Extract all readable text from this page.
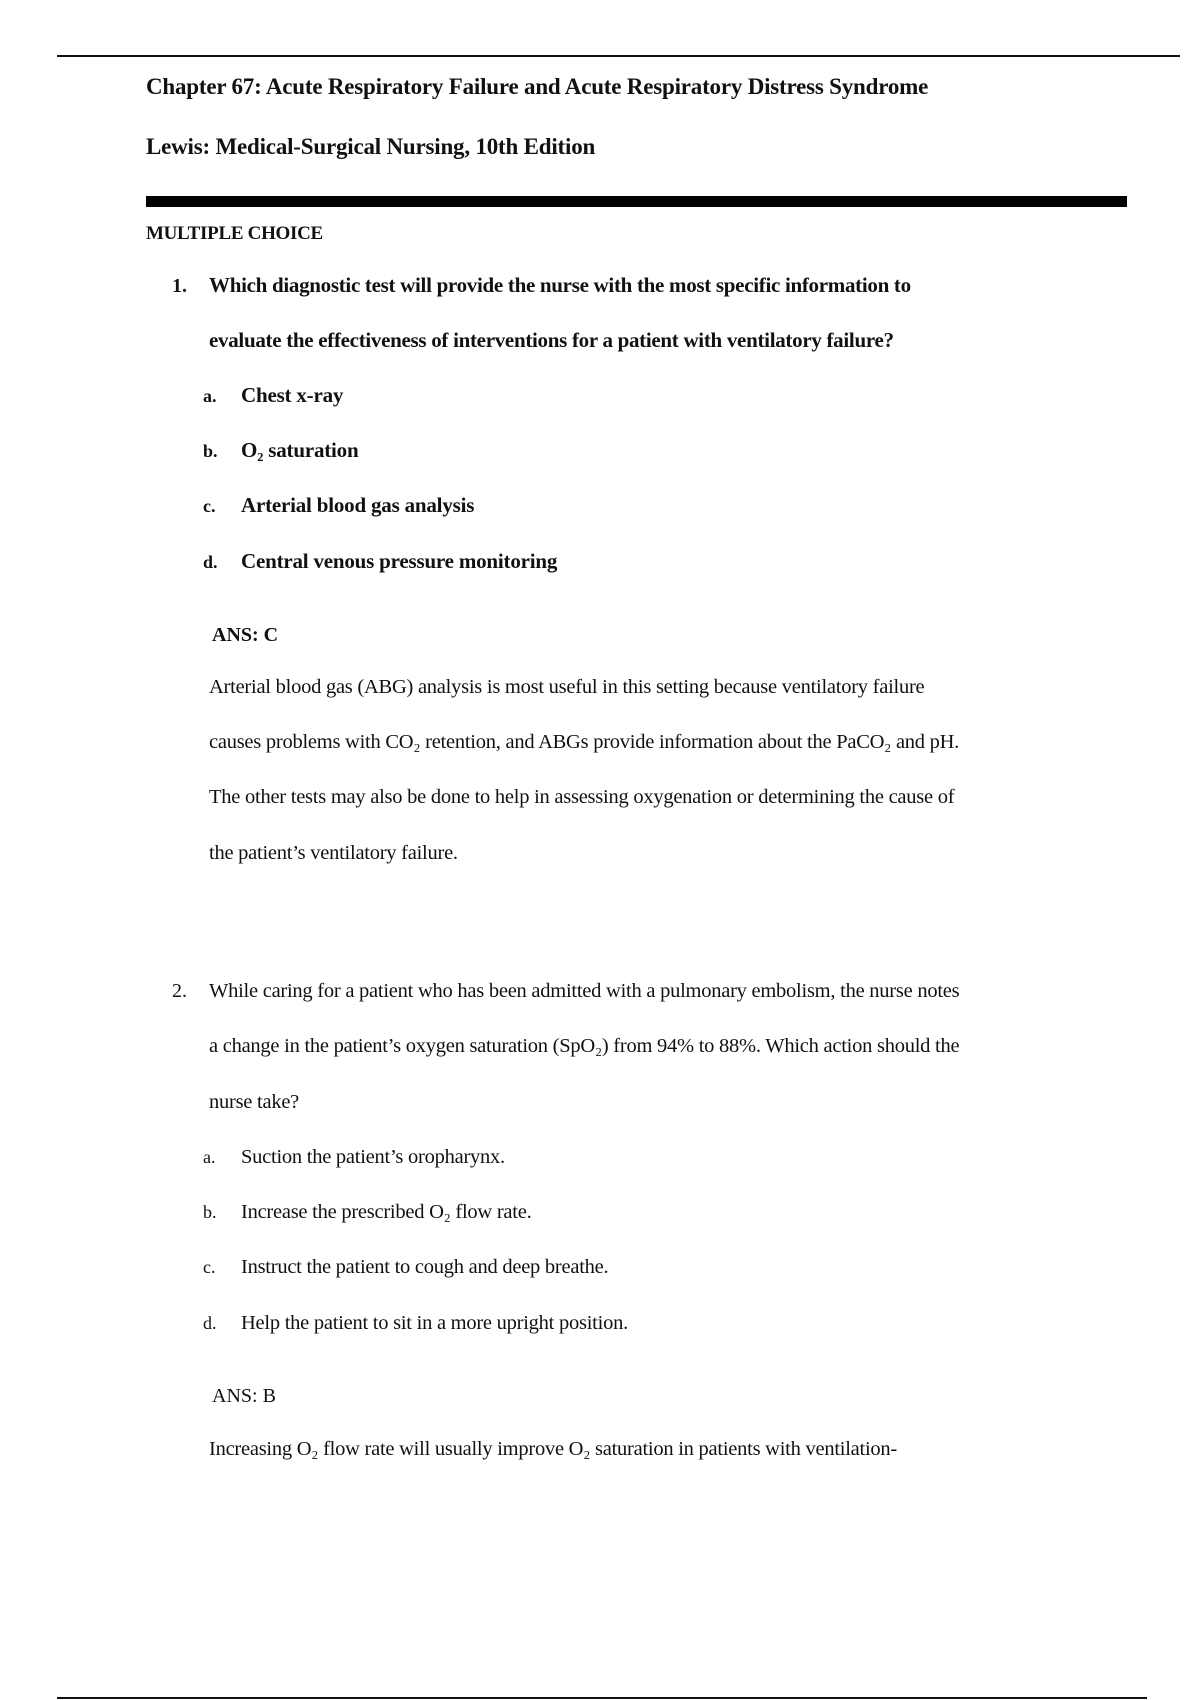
Chapter 67: Acute Respiratory Failure and Acute Respiratory Distress Syndrome
Lewis: Medical-Surgical Nursing, 10th Edition
MULTIPLE CHOICE
1. Which diagnostic test will provide the nurse with the most specific information to
evaluate the effectiveness of interventions for a patient with ventilatory failure?
a. Chest x-ray
b. O₂ saturation
c. Arterial blood gas analysis
d. Central venous pressure monitoring
ANS: C
Arterial blood gas (ABG) analysis is most useful in this setting because ventilatory failure
causes problems with CO₂ retention, and ABGs provide information about the PaCO₂ and pH.
The other tests may also be done to help in assessing oxygenation or determining the cause of
the patient’s ventilatory failure.
2. While caring for a patient who has been admitted with a pulmonary embolism, the nurse notes
a change in the patient’s oxygen saturation (SpO₂) from 94% to 88%. Which action should the
nurse take?
a. Suction the patient’s oropharynx.
b. Increase the prescribed O₂ flow rate.
c. Instruct the patient to cough and deep breathe.
d. Help the patient to sit in a more upright position.
ANS: B
Increasing O₂ flow rate will usually improve O₂ saturation in patients with ventilation-
